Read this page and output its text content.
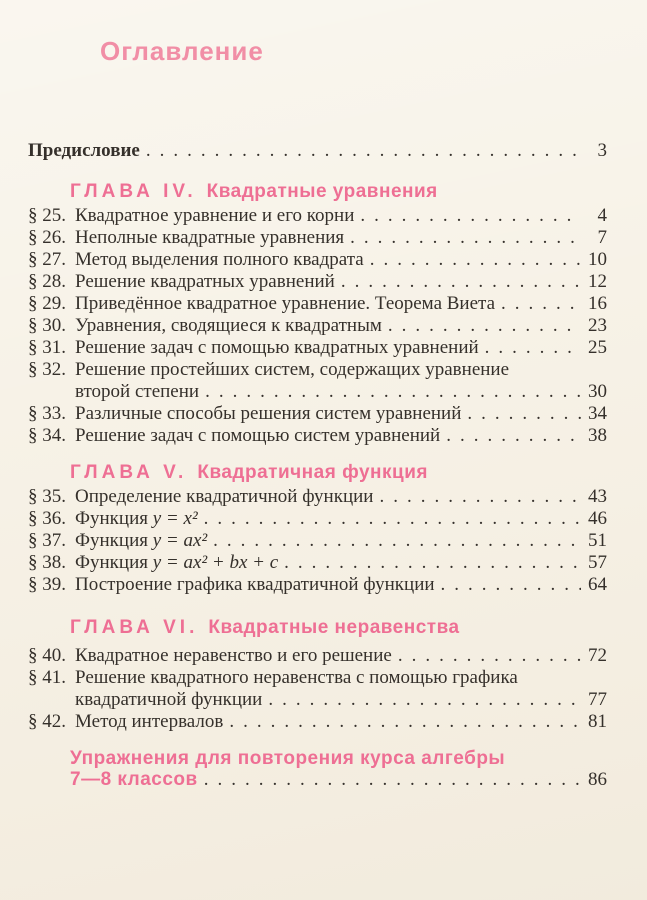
Оглавление
Предисловие .....	3
ГЛАВА IV. Квадратные уравнения
§ 25. Квадратное уравнение и его корни .....	4
§ 26. Неполные квадратные уравнения .....	7
§ 27. Метод выделения полного квадрата .....	10
§ 28. Решение квадратных уравнений .....	12
§ 29. Приведённое квадратное уравнение. Теорема Виета .....	16
§ 30. Уравнения, сводящиеся к квадратным .....	23
§ 31. Решение задач с помощью квадратных уравнений .....	25
§ 32. Решение простейших систем, содержащих уравнение
второй степени .....	30
§ 33. Различные способы решения систем уравнений .....	34
§ 34. Решение задач с помощью систем уравнений .....	38
ГЛАВА V. Квадратичная функция
§ 35. Определение квадратичной функции .....	43
§ 36. Функция y = x² .....	46
§ 37. Функция y = ax² .....	51
§ 38. Функция y = ax² + bx + c .....	57
§ 39. Построение графика квадратичной функции .....	64
ГЛАВА VI. Квадратные неравенства
§ 40. Квадратное неравенство и его решение .....	72
§ 41. Решение квадратного неравенства с помощью графика
квадратичной функции .....	77
§ 42. Метод интервалов .....	81
Упражнения для повторения курса алгебры
7—8 классов .....	86
